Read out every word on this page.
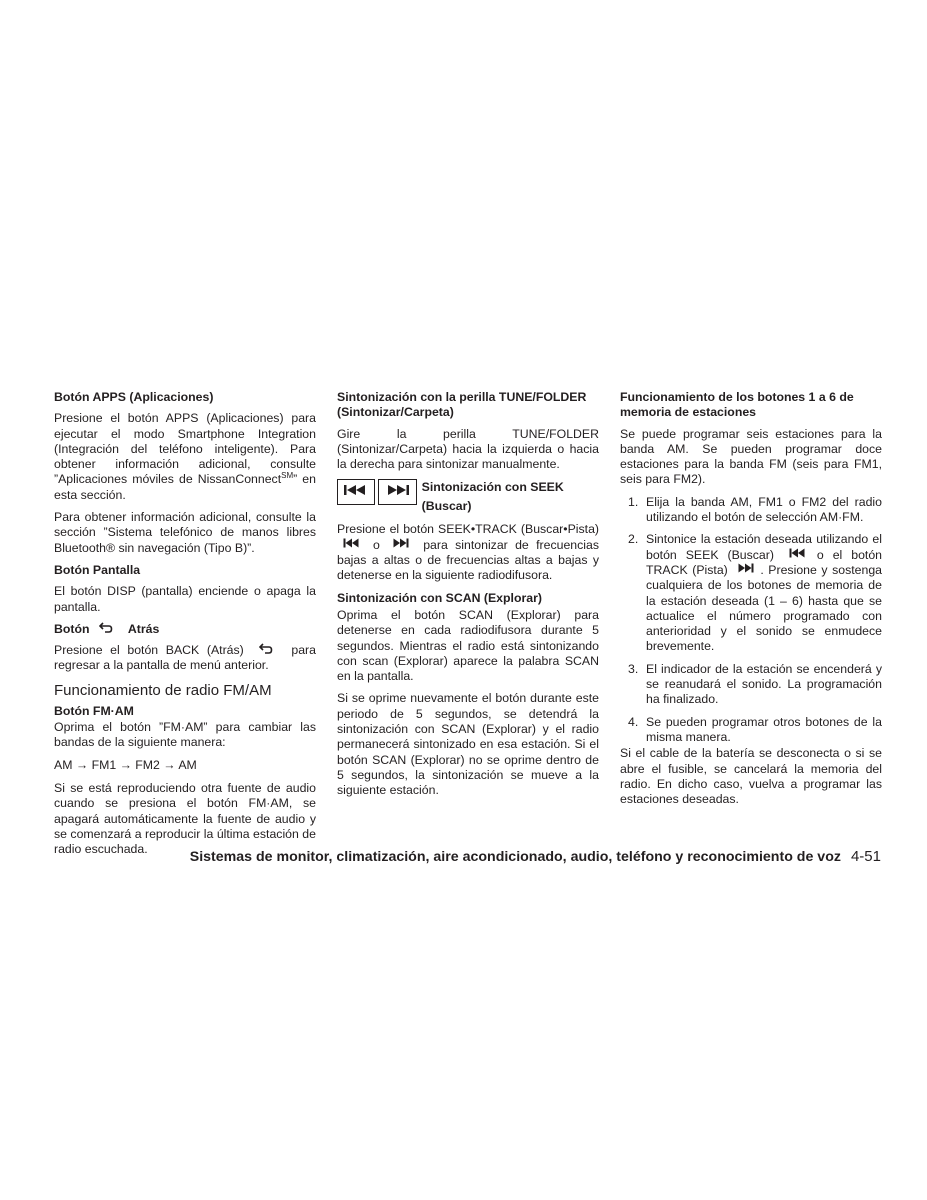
Botón APPS (Aplicaciones)
Presione el botón APPS (Aplicaciones) para ejecutar el modo Smartphone Integration (Integración del teléfono inteligente). Para obtener información adicional, consulte ”Aplicaciones móviles de NissanConnect℠” en esta sección.
Para obtener información adicional, consulte la sección ”Sistema telefónico de manos libres Bluetooth® sin navegación (Tipo B)”.
Botón Pantalla
El botón DISP (pantalla) enciende o apaga la pantalla.
Botón	Atrás
Presione el botón BACK (Atrás)	para regresar a la pantalla de menú anterior.
Funcionamiento de radio FM/AM
Botón FM·AM
Oprima el botón ”FM·AM” para cambiar las bandas de la siguiente manera:
AM → FM1 → FM2 → AM
Si se está reproduciendo otra fuente de audio cuando se presiona el botón FM·AM, se apagará automáticamente la fuente de audio y se comenzará a reproducir la última estación de radio escuchada.
Sintonización con la perilla TUNE/FOLDER (Sintonizar/Carpeta)
Gire la perilla TUNE/FOLDER (Sintonizar/Carpeta) hacia la izquierda o hacia la derecha para sintonizar manualmente.
Sintonización con SEEK (Buscar)
Presione el botón SEEK•TRACK (Buscar•Pista)
o	para sintonizar de frecuencias bajas a altas o de frecuencias altas a bajas y detenerse en la siguiente radiodifusora.
Sintonización con SCAN (Explorar)
Oprima el botón SCAN (Explorar) para detenerse en cada radiodifusora durante 5 segundos. Mientras el radio está sintonizando con scan (Explorar) aparece la palabra SCAN en la pantalla.
Si se oprime nuevamente el botón durante este periodo de 5 segundos, se detendrá la sintonización con SCAN (Explorar) y el radio permanecerá sintonizado en esa estación. Si el botón SCAN (Explorar) no se oprime dentro de 5 segundos, la sintonización se mueve a la siguiente estación.
Funcionamiento de los botones 1 a 6 de memoria de estaciones
Se puede programar seis estaciones para la banda AM. Se pueden programar doce estaciones para la banda FM (seis para FM1, seis para FM2).
1. Elija la banda AM, FM1 o FM2 del radio utilizando el botón de selección AM·FM.
2. Sintonice la estación deseada utilizando el botón SEEK (Buscar)	o el botón TRACK (Pista)	. Presione y sostenga cualquiera de los botones de memoria de la estación deseada (1 – 6) hasta que se actualice el número programado con anterioridad y el sonido se enmudece brevemente.
3. El indicador de la estación se encenderá y se reanudará el sonido. La programación ha finalizado.
4. Se pueden programar otros botones de la misma manera.
Si el cable de la batería se desconecta o si se abre el fusible, se cancelará la memoria del radio. En dicho caso, vuelva a programar las estaciones deseadas.
Sistemas de monitor, climatización, aire acondicionado, audio, teléfono y reconocimiento de voz 4-51
